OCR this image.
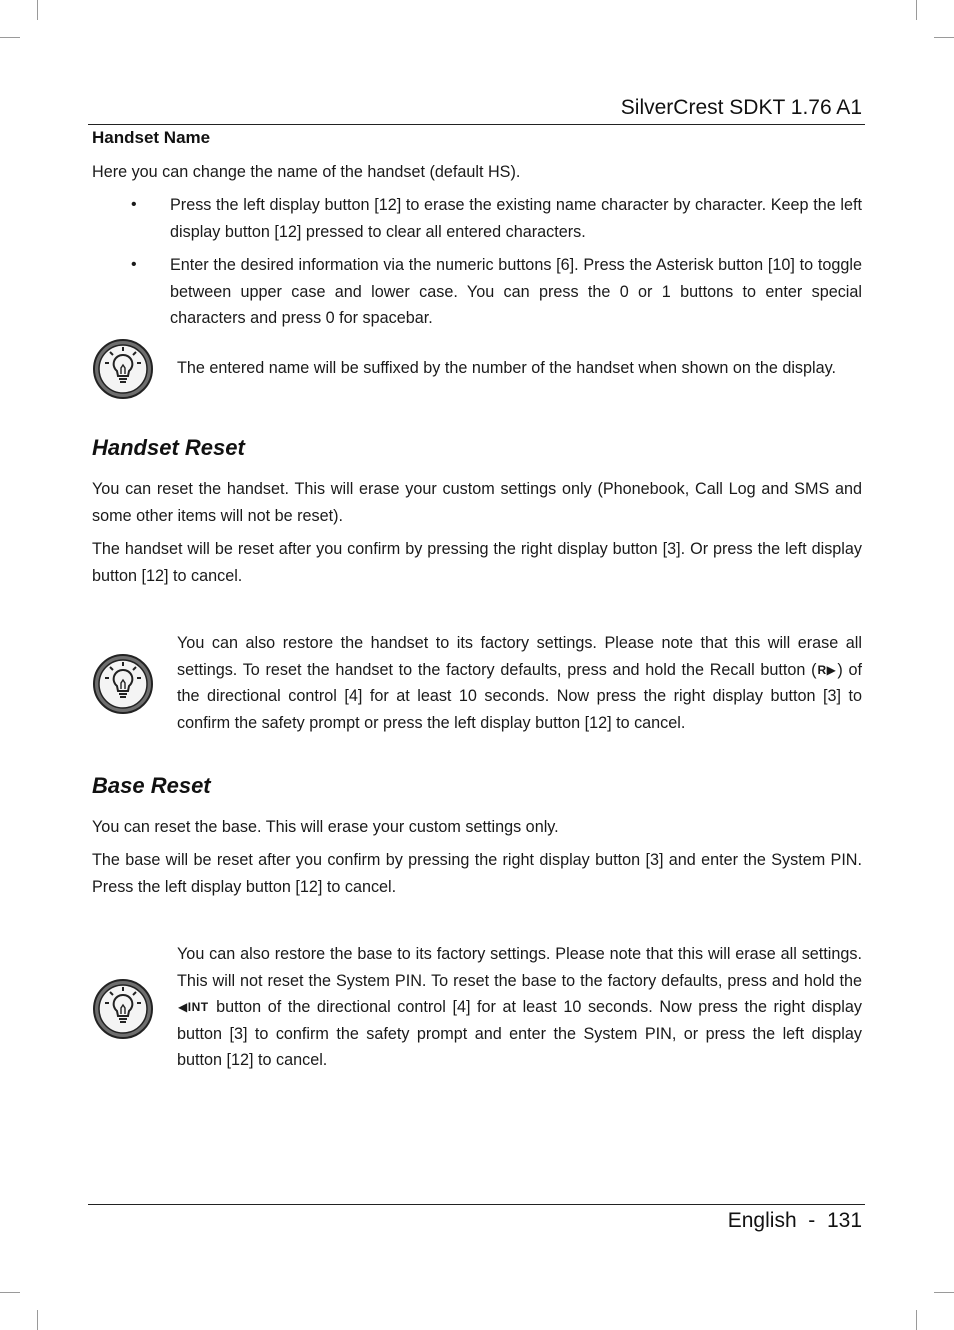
SilverCrest SDKT 1.76 A1
Handset Name

Here you can change the name of the handset (default HS).

• Press the left display button [12] to erase the existing name character by character. Keep the left display button [12] pressed to clear all entered characters.

• Enter the desired information via the numeric buttons [6]. Press the Asterisk button [10] to toggle between upper case and lower case. You can press the 0 or 1 buttons to enter special characters and press 0 for spacebar.

The entered name will be suffixed by the number of the handset when shown on the display.

Handset Reset

You can reset the handset. This will erase your custom settings only (Phonebook, Call Log and SMS and some other items will not be reset).

The handset will be reset after you confirm by pressing the right display button [3]. Or press the left display button [12] to cancel.

You can also restore the handset to its factory settings. Please note that this will erase all settings. To reset the handset to the factory defaults, press and hold the Recall button (R▶) of the directional control [4] for at least 10 seconds. Now press the right display button [3] to confirm the safety prompt or press the left display button [12] to cancel.

Base Reset

You can reset the base. This will erase your custom settings only.

The base will be reset after you confirm by pressing the right display button [3] and enter the System PIN. Press the left display button [12] to cancel.

You can also restore the base to its factory settings. Please note that this will erase all settings. This will not reset the System PIN. To reset the base to the factory defaults, press and hold the ◀INT button of the directional control [4] for at least 10 seconds. Now press the right display button [3] to confirm the safety prompt and enter the System PIN, or press the left display button [12] to cancel.

English  -  131
